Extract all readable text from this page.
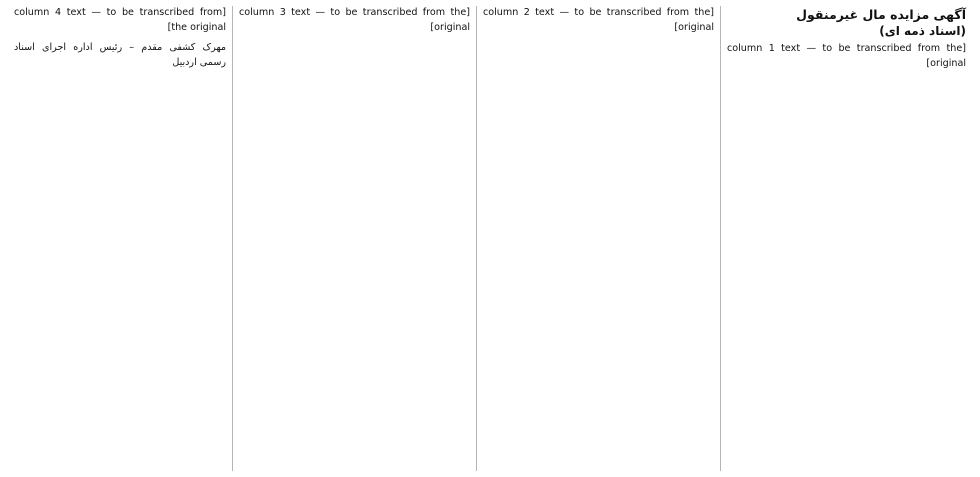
آگهی مزایده مال غیرمنقول
(اسناد ذمه ای)

[column 1 text — to be transcribed from the original]

[column 2 text — to be transcribed from the original]

[column 3 text — to be transcribed from the original]

[column 4 text — to be transcribed from the original]

مهرک کشفی مقدم – رئیس اداره اجرای اسناد رسمی اردبیل
